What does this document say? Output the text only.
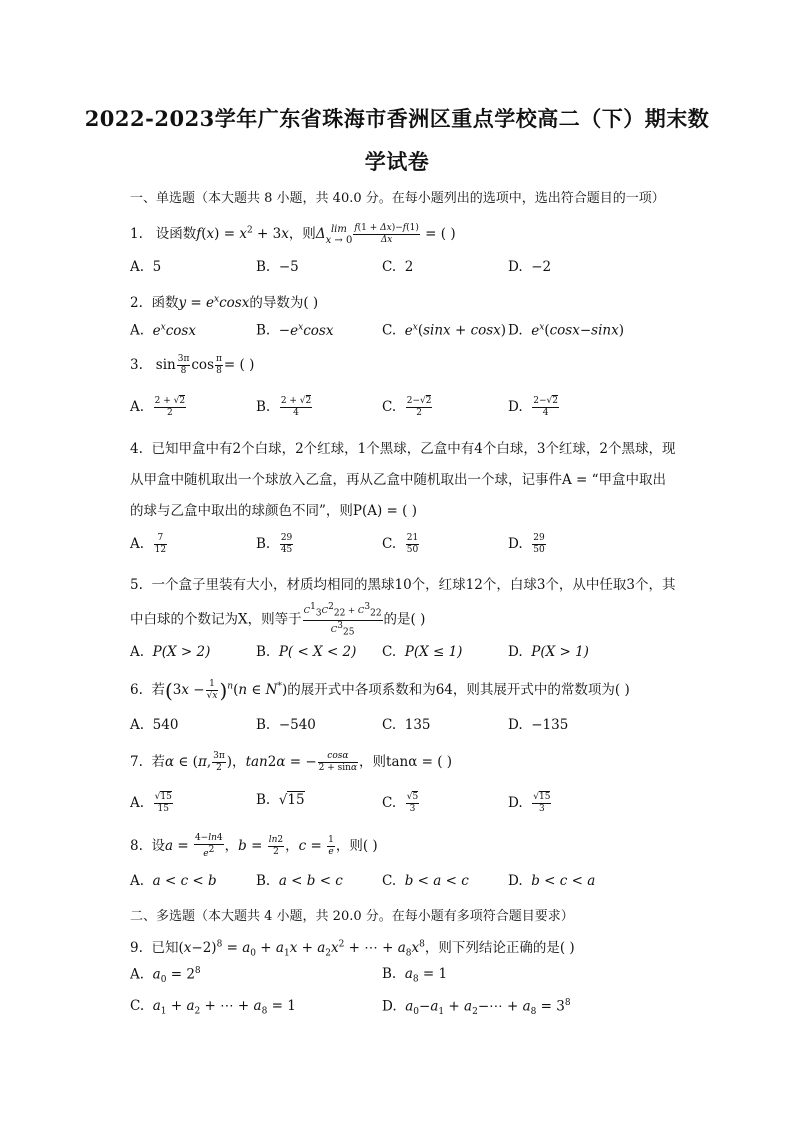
2022-2023学年广东省珠海市香洲区重点学校高二（下）期末数
学试卷
一、单选题（本大题共 8 小题，共 40.0 分。在每小题列出的选项中，选出符合题目的一项）
1. 设函数$f(x) = x^2 + 3x$，则Δ lim
$x \to 0 \frac{f(1 + \Delta x)-f(1)}{\Delta x}$ = ( )
A. 5	B. −5	C. 2	D. −2
2. 函数$y = e^x\cos x$的导数为( )
A. $e^x\cos x$	B.  $-e^x\cos x$	C. $e^x(\sin x + \cos x)$ D. $e^x(\cos x-\sin x)$
3.   $\sin \frac{3\pi}{8}$ $\cos \frac{\pi}{8}$ = ( )
A. $\frac{2 + √2}{2}$	B. $\frac{2 + √2}{4}$	C. $\frac{2-√2}{2}$	D. $\frac{2-√2}{4}$
4. 已知甲盒中有2个白球，2个红球，1个黑球，乙盒中有4个白球，3个红球，2个黑球，现
从甲盒中随机取出一个球放入乙盒，再从乙盒中随机取出一个球，记事件A = “甲盒中取出
的球与乙盒中取出的球颜色不同”，则P(A) = ( )
A. $\frac{7}{12}$	B. $\frac{29}{45}$	C. $\frac{21}{50}$	D. $\frac{29}{50}$
5. 一个盒子里装有大小，材质均相同的黑球10个，红球12个，白球3个，从中任取3个，其
中白球的个数记为X，则等于 $\frac{C^1_3C^2_{22} + C^3_{22}}{C^3_{25}}$ 的是( )
A. P(X > 2)	B. P( < X < 2) C. P(X ≤ 1)	D. P(X > 1)
6.  若$(3x - \frac{1}{√x} )^n(n$ ∈ N*)的展开式中各项系数和为64，则其展开式中的常数项为( )
A. 540	B. −540	C. 135	D. −135
7.  若α ∈ (π, $\frac{3\pi}{2}$ )，tan2α = − $\frac{\cos\alpha}{2 + \sin\alpha}$ ，则tanα = ( )
A. $\frac{√15}{15}$	B.  √15	C. $\frac{√5}{3}$	D. $\frac{√15}{3}$
8.  设$a = \frac{4-\ln 4}{e^2}$ ，$b = \frac{\ln 2}{2}$ ，$c = \frac{1}{e}$ ，则( )
A. a < c < b	B. a < b < c	C. b < a < c	D. b < c < a
二、多选题（本大题共 4 小题，共 20.0 分。在每小题有多项符合题目要求）
9. 已知$(x-2)^8 = a_0 + a_1x + a_2x^2$ + ⋯ + $a_8x^8$，则下列结论正确的是( )
A. $a_0 = 2^8$	B. $a_8 = 1$
C. $a_1 + a_2$ + ⋯ + $a_8 = 1$	D. $a_0-a_1$ + $a_2-\cdots + a_8 = 3^8$
